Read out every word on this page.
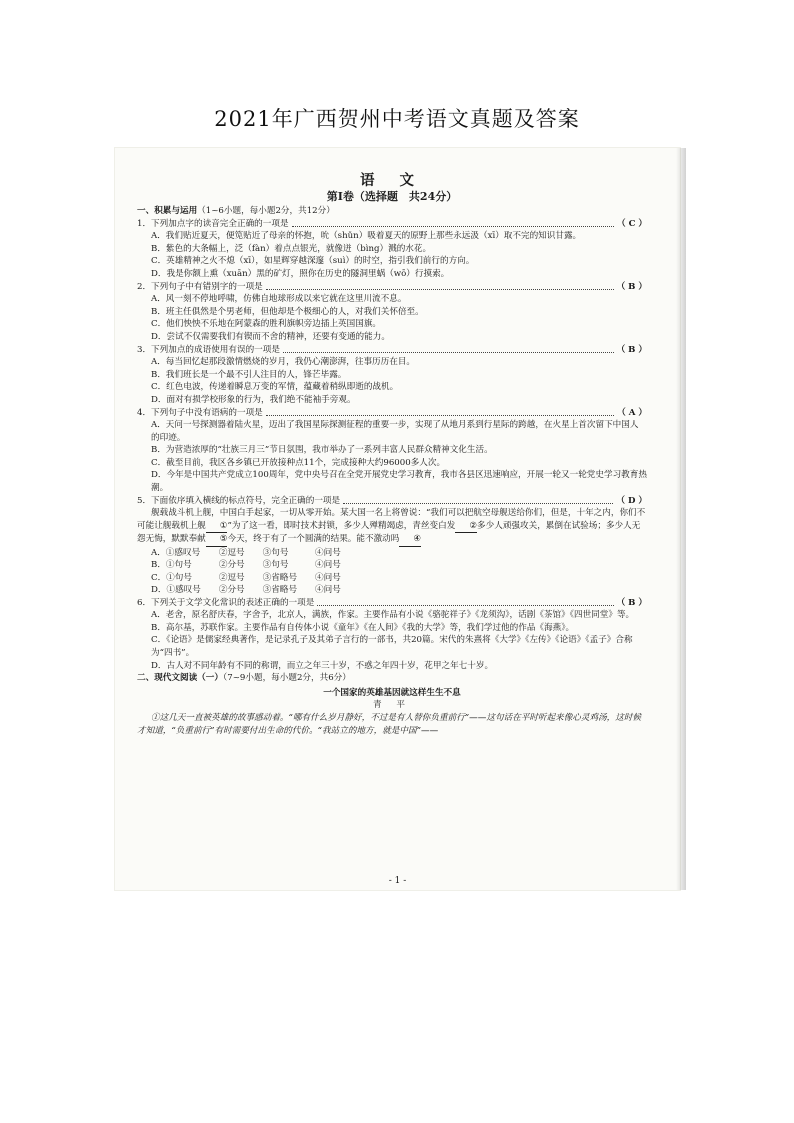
2021年广西贺州中考语文真题及答案
语 文
第Ⅰ卷（选择题　共24分）
一、积累与运用（1~6小题，每小题2分，共12分）
1．下列加点字的读音完全正确的一项是	（ C ）
A．我们贴近夏天，便笕贴近了母亲的怀抱，吮（shǔn）吸着夏天的原野上那些永远汲（xī）取不完的知识甘露。
B．紫色的大条幅上，泛（fàn）着点点银光，就像迸（bìng）溅的水花。
C．英雄精神之火不熄（xī），如星辉穿越深邃（suì）的时空，指引我们前行的方向。
D．我是你额上熏（xuān）黑的矿灯，照你在历史的隧洞里蜗（wō）行摸索。
2．下列句子中有错别字的一项是	（ B ）
A．风一刻不停地呼啸，仿佛自地球形成以来它就在这里川流不息。
B．班主任俱然是个男老师，但他却是个极细心的人，对我们关怀倍至。
C．他们怏怏不乐地在阿蒙森的胜利旗帜旁边插上英国国旗。
D．尝试不仅需要我们有锲而不舍的精神，还要有变通的能力。
3．下列加点的成语使用有误的一项是	（ B ）
A．每当回忆起那段激情燃烧的岁月，我仍心潮澎湃，往事历历在目。
B．我们班长是一个最不引人注目的人，锋芒毕露。
C．红色电波，传递着瞬息万变的军情，蕴藏着稍纵即逝的战机。
D．面对有损学校形象的行为，我们绝不能袖手旁观。
4．下列句子中没有语病的一项是	（ A ）
A．天问一号探测器着陆火星，迈出了我国星际探测征程的重要一步，实现了从地月系到行星际的跨越，在火星上首次留下中国人的印迹。
B．为营造浓厚的“壮族三月三”节日氛围，我市举办了一系列丰富人民群众精神文化生活。
C．截至目前，我区各乡镇已开放接种点11个，完成接种大约96000多人次。
D．今年是中国共产党成立100周年，党中央号召在全党开展党史学习教育，我市各县区迅速响应，开展一轮又一轮党史学习教育热潮。
5．下面依序填入横线的标点符号，完全正确的一项是	（ D ）
舰载战斗机上舰，中国白手起家，一切从零开始。某大国一名上将曾说：“我们可以把航空母舰送给你们，但是，十年之内，你们不可能让舰载机上舰 ①”为了这一看，即时技术封锁，多少人殚精竭虑，青丝变白发 ②多少人顽强攻关，累倒在试验场；多少人无怨无悔，默默奉献 ⑤今天，终于有了一个圆满的结果。能不激动吗 ④
A．①感叹号	②逗号	③句号	④问号
B．①句号	②分号	③句号	④问号
C．①句号	②逗号	③省略号	④问号
D．①感叹号	②分号	③省略号	④问号
6．下列关于文学文化常识的表述正确的一项是	（ B ）
A．老舍，原名舒庆春，字舍予，北京人，满族，作家。主要作品有小说《骆驼祥子》《龙须沟》，话剧《茶馆》《四世同堂》等。
B．高尔基，苏联作家。主要作品有自传体小说《童年》《在人间》《我的大学》等，我们学过他的作品《海燕》。
C．《论语》是儒家经典著作，是记录孔子及其弟子言行的一部书，共20篇。宋代的朱熹将《大学》《左传》《论语》《孟子》合称为“四书”。
D．古人对不同年龄有不同的称谓，而立之年三十岁，不惑之年四十岁，花甲之年七十岁。
二、现代文阅读（一）（7~9小题，每小题2分，共6分）
一个国家的英雄基因就这样生生不息
青 平
①这几天一直被英雄的故事感动着。“哪有什么岁月静好，不过是有人替你负重前行”——这句话在平时听起来像心灵鸡汤，这时候才知道，“负重前行”有时需要付出生命的代价。“我站立的地方，就是中国”——
- 1 -
